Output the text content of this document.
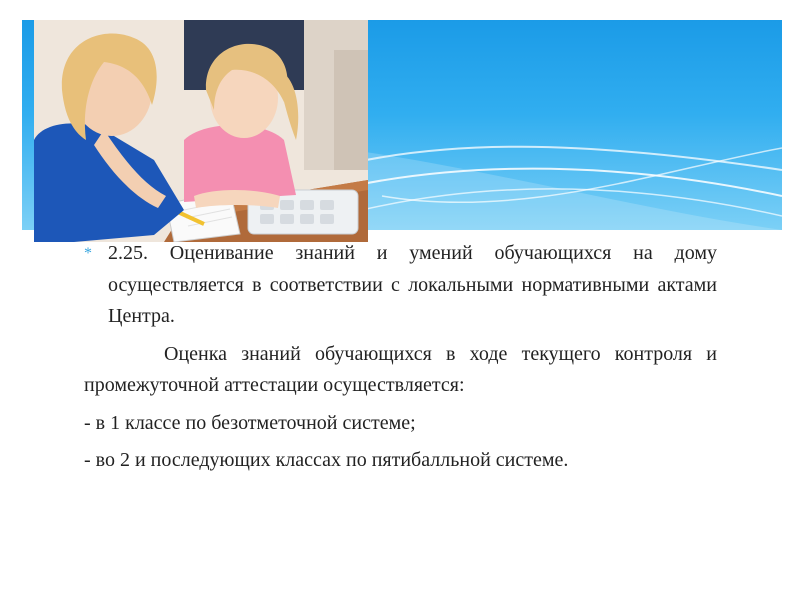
* 2.25. Оценивание знаний и умений обучающихся на дому осуществляется в соответствии с локальными нормативными актами Центра.
Оценка знаний обучающихся в ходе текущего контроля и промежуточной аттестации осуществляется:
- в 1 классе по безотметочной системе;
- во 2 и последующих классах по пятибалльной системе.
